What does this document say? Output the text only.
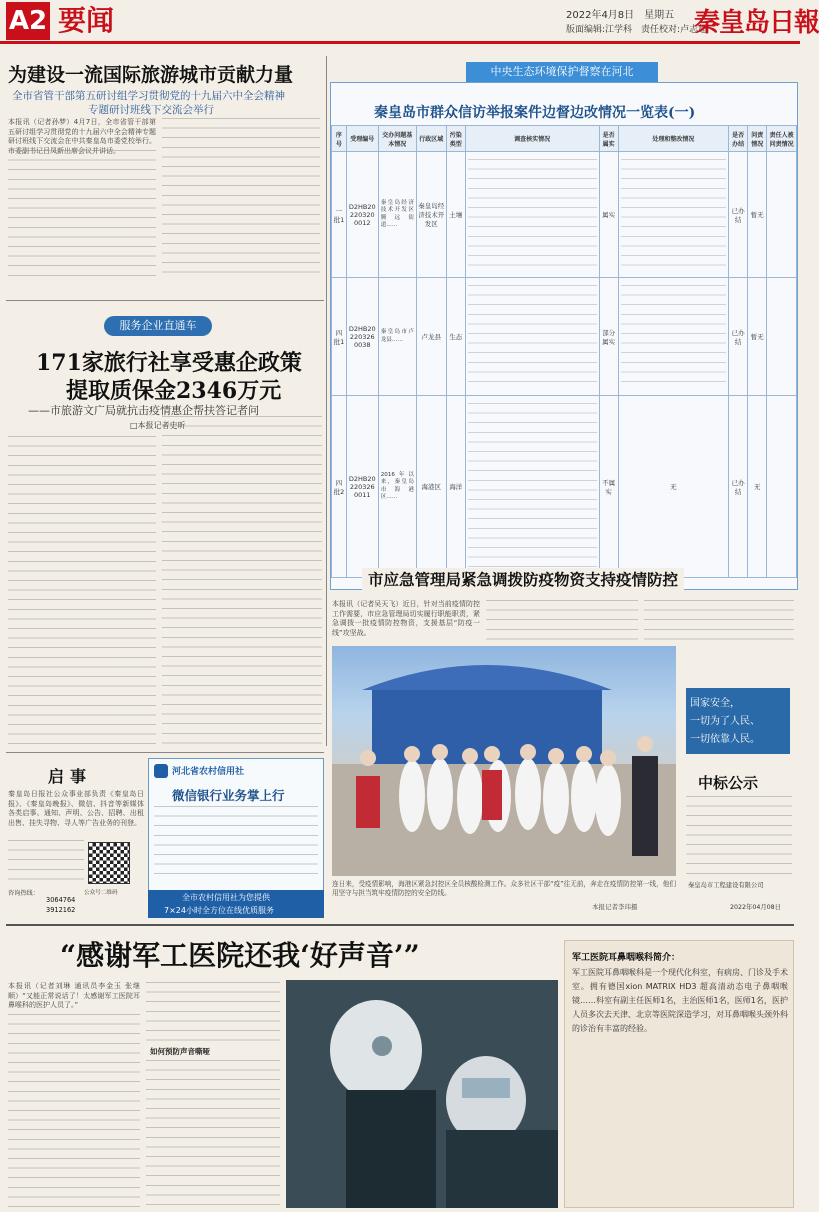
A2 要闻	2022年4月8日　星期五
版面编辑:江学科　责任校对:卢志超
秦皇岛日報
为建设一流国际旅游城市贡献力量
全市省管干部第五研讨组学习贯彻党的十九届六中全会精神
专题研讨班线下交流会举行
本报讯（记者孙梦）4月7日，全市省管干部第五研讨组学习贯彻党的十九届六中全会精神专题研讨班线下交流会在中共秦皇岛市委党校举行。市委副书记吕凤新出席会议并讲话。
服务企业直通车
171家旅行社享受惠企政策
提取质保金2346万元
——市旅游文广局就抗击疫情惠企帮扶答记者问
□本报记者史昕
中央生态环境保护督察在河北
秦皇岛市群众信访举报案件边督边改情况一览表(一)
序号	受理编号	交办问题基本情况	行政区域	污染类型	调查核实情况	是否属实	处理和整改情况	是否办结	问责情况	责任人被问责情况
一批1	D2HB202203200012	秦皇岛经济技术开发区腾远街道……	秦皇岛经济技术开发区	土壤		属实		已办结	暂无	
四批1	D2HB202203260038	秦皇岛市卢龙县……	卢龙县	生态		部分属实		已办结	暂无	
四批2	D2HB202203260011	2016年以来，秦皇岛市海港区……	海港区	海洋		不属实	无	已办结	无	
市应急管理局紧急调拨防疫物资支持疫情防控
本报讯（记者吴天飞）近日，针对当前疫情防控工作需要，市应急管理局切实履行职能职责，紧急调拨一批疫情防控物资，支援基层“防疫一线”攻坚战。
国家安全，
一切为了人民、
一切依靠人民。
连日来，受疫情影响，海港区紧急封控区全员核酸检测工作。众多社区干部“疫”往无前，奔走在疫情防控第一线，他们用坚守与担当筑牢疫情防控的安全防线。
本报记者李玮摄
中标公示
秦皇岛市工程建设有限公司
2022年04月08日
启事
秦皇岛日报社公众事业部负责《秦皇岛日报》、《秦皇岛晚报》、微信、抖音等新媒体各类启事、通知、声明、公告、招聘、出租出售、挂失寻物、寻人等广告业务的刊登。
公众号二维码
咨询热线：
3064764
3912162
河北省农村信用社
微信银行业务掌上行
全市农村信用社为您提供
7×24小时全方位在线优质服务
“感谢军工医院还我‘好声音’”
本报讯（记者刘琳 通讯员李金玉 张继顺）“又能正常说话了！太感谢军工医院耳鼻喉科的医护人员了。”
如何预防声音嘶哑
军工医院耳鼻咽喉科简介：
军工医院耳鼻咽喉科是一个现代化科室，有病房、门诊及手术室。拥有德国xion MATRIX HD3 超高清动态电子鼻咽喉镜……科室有副主任医师1名，主治医师1名，医师1名，医护人员多次去天津、北京等医院深造学习，对耳鼻咽喉头颈外科的诊治有丰富的经验。
